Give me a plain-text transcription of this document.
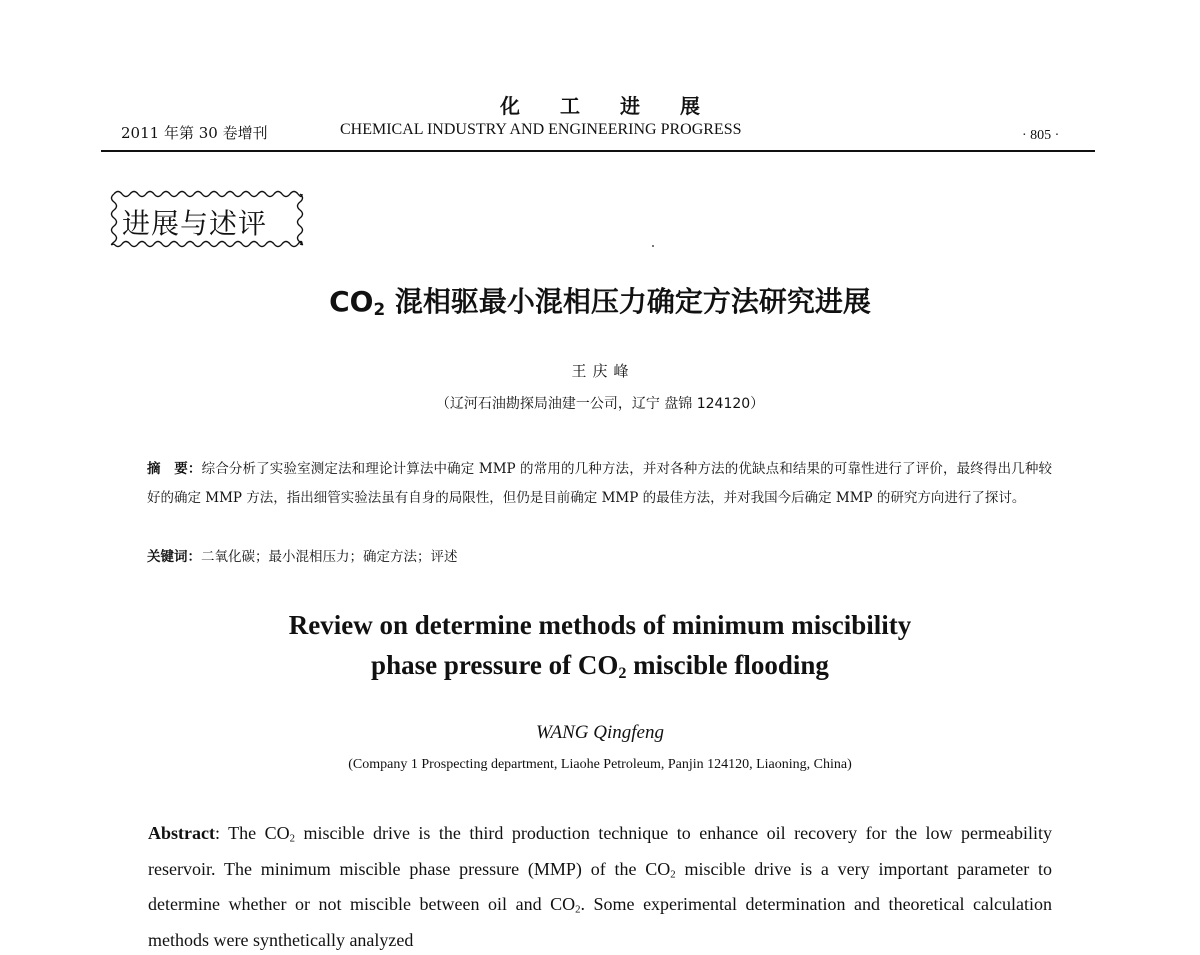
化工进展
2011 年第 30 卷增刊	CHEMICAL INDUSTRY AND ENGINEERING PROGRESS	· 805 ·
进展与述评
$CO_2$ 混相驱最小混相压力确定方法研究进展
王庆峰
（辽河石油勘探局油建一公司，辽宁 盘锦 124120）
摘　要：综合分析了实验室测定法和理论计算法中确定 MMP 的常用的几种方法，并对各种方法的优缺点和结果的可靠性进行了评价，最终得出几种较好的确定 MMP 方法，指出细管实验法虽有自身的局限性，但仍是目前确定 MMP 的最佳方法，并对我国今后确定 MMP 的研究方向进行了探讨。
关键词：二氧化碳；最小混相压力；确定方法；评述
Review on determine methods of minimum miscibility
phase pressure of $CO_2$ miscible flooding
WANG Qingfeng
(Company 1 Prospecting department, Liaohe Petroleum, Panjin 124120, Liaoning, China)
Abstract: The $CO_2$ miscible drive is the third production technique to enhance oil recovery for the low permeability reservoir. The minimum miscible phase pressure (MMP) of the $CO_2$ miscible drive is a very important parameter to determine whether or not miscible between oil and $CO_2$. Some experimental determination and theoretical calculation methods were synthetically analyzed
